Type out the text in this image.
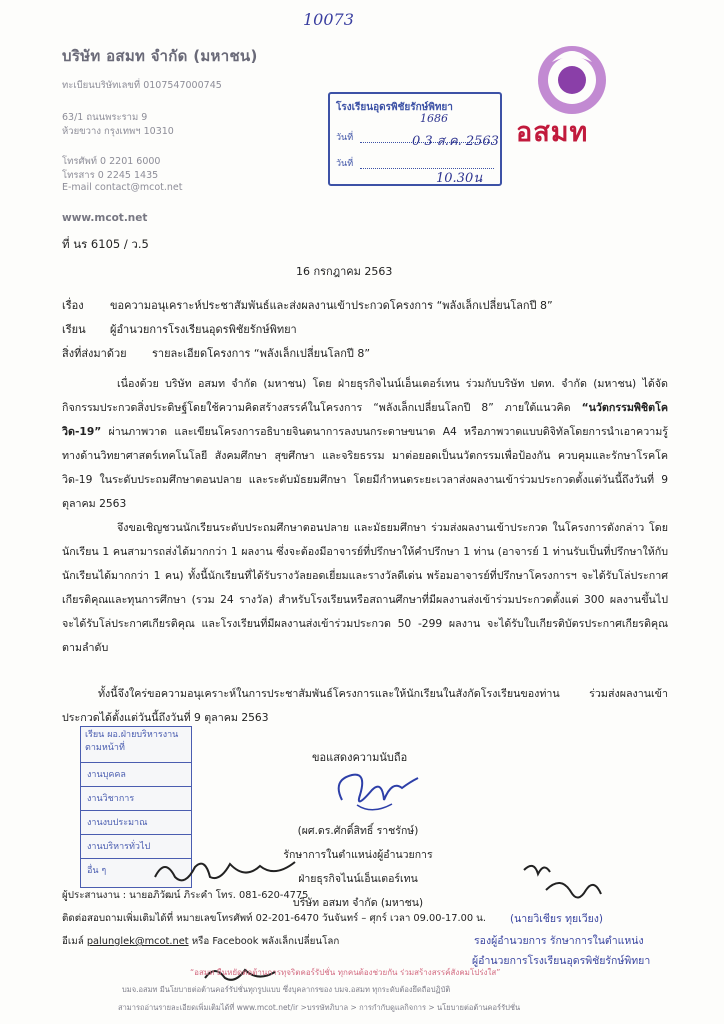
10073
บริษัท อสมท จำกัด (มหาชน)
ทะเบียนบริษัทเลขที่ 0107547000745
63/1 ถนนพระราม 9
ห้วยขวาง กรุงเทพฯ 10310
โทรศัพท์ 0 2201 6000
โทรสาร 0 2245 1435
E-mail contact@mcot.net
www.mcot.net
อสมท
โรงเรียนอุดรพิชัยรักษ์พิทยา
วันที่
วันที่
1686
0 3 ส.ค. 2563
10.30น
ที่ นร 6105 / ว.5
16 กรกฎาคม 2563
เรื่อง ขอความอนุเคราะห์ประชาสัมพันธ์และส่งผลงานเข้าประกวดโครงการ “พลังเล็กเปลี่ยนโลกปี 8”
เรียน ผู้อำนวยการโรงเรียนอุดรพิชัยรักษ์พิทยา
สิ่งที่ส่งมาด้วย รายละเอียดโครงการ “พลังเล็กเปลี่ยนโลกปี 8”
เนื่องด้วย บริษัท อสมท จำกัด (มหาชน) โดย ฝ่ายธุรกิจไนน์เอ็นเตอร์เทน ร่วมกับบริษัท ปตท. จำกัด (มหาชน) ได้จัดกิจกรรมประกวดสิ่งประดิษฐ์โดยใช้ความคิดสร้างสรรค์ในโครงการ “พลังเล็กเปลี่ยนโลกปี 8” ภายใต้แนวคิด “นวัตกรรมพิชิตโควิด-19” ผ่านภาพวาด และเขียนโครงการอธิบายจินตนาการลงบนกระดาษขนาด A4 หรือภาพวาดแบบดิจิทัลโดยการนำเอาความรู้ทางด้านวิทยาศาสตร์เทคโนโลยี สังคมศึกษา สุขศึกษา และจริยธรรม มาต่อยอดเป็นนวัตกรรมเพื่อป้องกัน ควบคุมและรักษาโรคโควิด-19 ในระดับประถมศึกษาตอนปลาย และระดับมัธยมศึกษา โดยมีกำหนดระยะเวลาส่งผลงานเข้าร่วมประกวดตั้งแต่วันนี้ถึงวันที่ 9 ตุลาคม 2563
จึงขอเชิญชวนนักเรียนระดับประถมศึกษาตอนปลาย และมัธยมศึกษา ร่วมส่งผลงานเข้าประกวด ในโครงการดังกล่าว โดยนักเรียน 1 คนสามารถส่งได้มากกว่า 1 ผลงาน ซึ่งจะต้องมีอาจารย์ที่ปรึกษาให้คำปรึกษา 1 ท่าน (อาจารย์ 1 ท่านรับเป็นที่ปรึกษาให้กับนักเรียนได้มากกว่า 1 คน) ทั้งนี้นักเรียนที่ได้รับรางวัลยอดเยี่ยมและรางวัลดีเด่น พร้อมอาจารย์ที่ปรึกษาโครงการฯ จะได้รับโล่ประกาศเกียรติคุณและทุนการศึกษา (รวม 24 รางวัล) สำหรับโรงเรียนหรือสถานศึกษาที่มีผลงานส่งเข้าร่วมประกวดตั้งแต่ 300 ผลงานขึ้นไป จะได้รับโล่ประกาศเกียรติคุณ และโรงเรียนที่มีผลงานส่งเข้าร่วมประกวด 50 -299 ผลงาน จะได้รับใบเกียรติบัตรประกาศเกียรติคุณตามลำดับ
ทั้งนี้จึงใคร่ขอความอนุเคราะห์ในการประชาสัมพันธ์โครงการและให้นักเรียนในสังกัดโรงเรียนของท่าน ร่วมส่งผลงานเข้าประกวดได้ตั้งแต่วันนี้ถึงวันที่ 9 ตุลาคม 2563
ขอแสดงความนับถือ
(ผศ.ดร.ศักดิ์สิทธิ์ ราชรักษ์)
รักษาการในตำแหน่งผู้อำนวยการ
ฝ่ายธุรกิจไนน์เอ็นเตอร์เทน
บริษัท อสมท จำกัด (มหาชน)
เรียน ผอ.ฝ่ายบริหารงาน ตามหน้าที่
งานบุคคล
งานวิชาการ
งานงบประมาณ
งานบริหารทั่วไป
อื่น ๆ
ผู้ประสานงาน : นายอภิวัฒน์ ภิระคำ โทร. 081-620-4775
ติดต่อสอบถามเพิ่มเติมได้ที่ หมายเลขโทรศัพท์ 02-201-6470 วันจันทร์ – ศุกร์ เวลา 09.00-17.00 น.
อีเมล์ palunglek@mcot.net หรือ Facebook พลังเล็กเปลี่ยนโลก
(นายวิเชียร ทุยเวียง)
รองผู้อำนวยการ รักษาการในตำแหน่ง
ผู้อำนวยการโรงเรียนอุดรพิชัยรักษ์พิทยา
“อสมท ยืนหยัดต่อต้านการทุจริตคอร์รัปชั่น ทุกคนต้องช่วยกัน ร่วมสร้างสรรค์สังคมโปร่งใส”
บมจ.อสมท มีนโยบายต่อต้านคอร์รัปชั่นทุกรูปแบบ ซึ่งบุคลากรของ บมจ.อสมท ทุกระดับต้องยึดถือปฏิบัติ
สามารถอ่านรายละเอียดเพิ่มเติมได้ที่ www.mcot.net/ir >บรรษัทภิบาล > การกำกับดูแลกิจการ > นโยบายต่อต้านคอร์รัปชั่น
